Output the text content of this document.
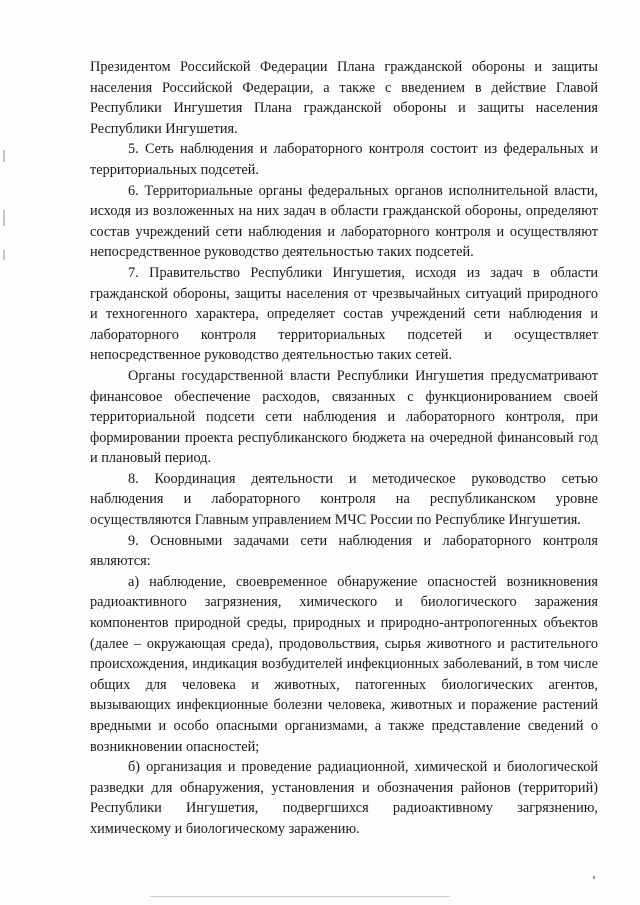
Президентом Российской Федерации Плана гражданской обороны и защиты населения Российской Федерации, а также с введением в действие Главой Республики Ингушетия Плана гражданской обороны и защиты населения Республики Ингушетия.

5. Сеть наблюдения и лабораторного контроля состоит из федеральных и территориальных подсетей.

6. Территориальные органы федеральных органов исполнительной власти, исходя из возложенных на них задач в области гражданской обороны, определяют состав учреждений сети наблюдения и лабораторного контроля и осуществляют непосредственное руководство деятельностью таких подсетей.

7. Правительство Республики Ингушетия, исходя из задач в области гражданской обороны, защиты населения от чрезвычайных ситуаций природного и техногенного характера, определяет состав учреждений сети наблюдения и лабораторного контроля территориальных подсетей и осуществляет непосредственное руководство деятельностью таких сетей.

Органы государственной власти Республики Ингушетия предусматривают финансовое обеспечение расходов, связанных с функционированием своей территориальной подсети сети наблюдения и лабораторного контроля, при формировании проекта республиканского бюджета на очередной финансовый год и плановый период.

8. Координация деятельности и методическое руководство сетью наблюдения и лабораторного контроля на республиканском уровне осуществляются Главным управлением МЧС России по Республике Ингушетия.

9. Основными задачами сети наблюдения и лабораторного контроля являются:

а) наблюдение, своевременное обнаружение опасностей возникновения радиоактивного загрязнения, химического и биологического заражения компонентов природной среды, природных и природно-антропогенных объектов (далее – окружающая среда), продовольствия, сырья животного и растительного происхождения, индикация возбудителей инфекционных заболеваний, в том числе общих для человека и животных, патогенных биологических агентов, вызывающих инфекционные болезни человека, животных и поражение растений вредными и особо опасными организмами, а также представление сведений о возникновении опасностей;

б) организация и проведение радиационной, химической и биологической разведки для обнаружения, установления и обозначения районов (территорий) Республики Ингушетия, подвергшихся радиоактивному загрязнению, химическому и биологическому заражению.
